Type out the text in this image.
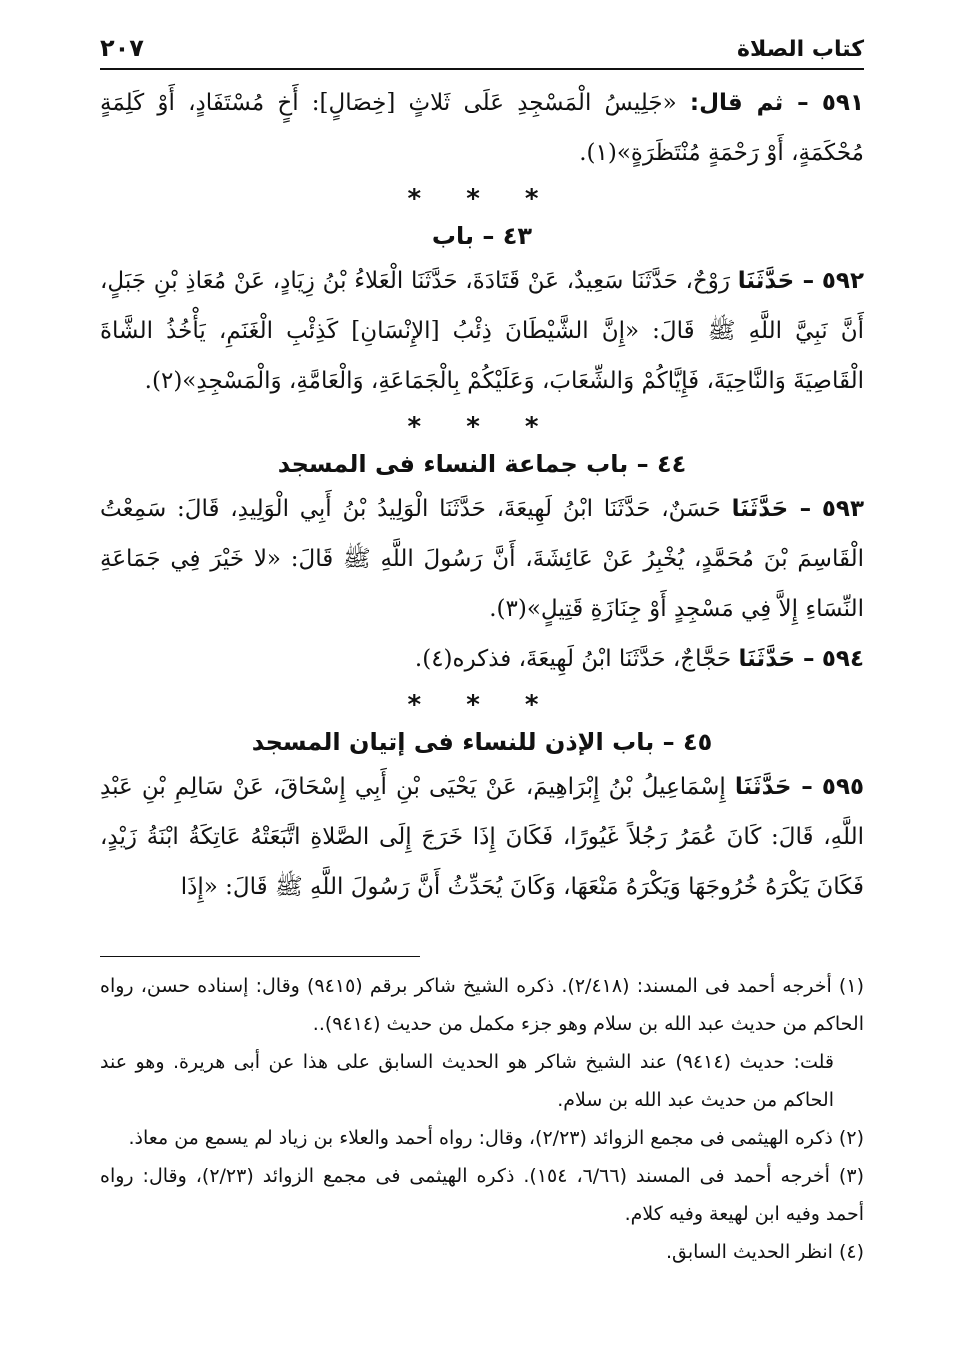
كتاب الصلاة
٢٠٧

٥٩١ – ثم قال: «جَلِيسُ الْمَسْجِدِ عَلَى ثَلاثٍ [خِصَالٍ]: أَخٍ مُسْتَفَادٍ، أَوْ كَلِمَةٍ مُحْكَمَةٍ، أَوْ رَحْمَةٍ مُنْتَظَرَةٍ»(١).

* * *
٤٣ – باب

٥٩٢ – حَدَّثَنَا رَوْحٌ، حَدَّثَنَا سَعِيدٌ، عَنْ قَتَادَةَ، حَدَّثَنَا الْعَلاءُ بْنُ زِيَادٍ، عَنْ مُعَاذِ بْنِ جَبَلٍ، أَنَّ نَبِيَّ اللَّهِ ﷺ قَالَ: «إِنَّ الشَّيْطَانَ ذِئْبُ [الإِنْسَانِ] كَذِئْبِ الْغَنَمِ، يَأْخُذُ الشَّاةَ الْقَاصِيَةَ وَالنَّاحِيَةَ، فَإِيَّاكُمْ وَالشِّعَابَ، وَعَلَيْكُمْ بِالْجَمَاعَةِ، وَالْعَامَّةِ، وَالْمَسْجِدِ»(٢).

* * *
٤٤ – باب جماعة النساء فى المسجد

٥٩٣ – حَدَّثَنَا حَسَنٌ، حَدَّثَنَا ابْنُ لَهِيعَةَ، حَدَّثَنَا الْوَلِيدُ بْنُ أَبِي الْوَلِيدِ، قَالَ: سَمِعْتُ الْقَاسِمَ بْنَ مُحَمَّدٍ، يُخْبِرُ عَنْ عَائِشَةَ، أَنَّ رَسُولَ اللَّهِ ﷺ قَالَ: «لا خَيْرَ فِي جَمَاعَةِ النِّسَاءِ إِلاَّ فِي مَسْجِدٍ أَوْ جِنَازَةِ قَتِيلٍ»(٣).

٥٩٤ – حَدَّثَنَا حَجَّاجٌ، حَدَّثَنَا ابْنُ لَهِيعَةَ، فذكره(٤).

* * *
٤٥ – باب الإذن للنساء فى إتيان المسجد

٥٩٥ – حَدَّثَنَا إِسْمَاعِيلُ بْنُ إِبْرَاهِيمَ، عَنْ يَحْيَى بْنِ أَبِي إِسْحَاقَ، عَنْ سَالِمِ بْنِ عَبْدِ اللَّهِ، قَالَ: كَانَ عُمَرُ رَجُلاً غَيُورًا، فَكَانَ إِذَا خَرَجَ إِلَى الصَّلاةِ اتَّبَعَتْهُ عَاتِكَةُ ابْنَةُ زَيْدٍ، فَكَانَ يَكْرَهُ خُرُوجَهَا وَيَكْرَهُ مَنْعَهَا، وَكَانَ يُحَدِّثُ أَنَّ رَسُولَ اللَّهِ ﷺ قَالَ: «إِذَا

(١) أخرجه أحمد فى المسند: (٢/٤١٨). ذكره الشيخ شاكر برقم (٩٤١٥) وقال: إسناده حسن، رواه الحاكم من حديث عبد الله بن سلام وهو جزء مكمل من حديث (٩٤١٤)..

قلت: حديث (٩٤١٤) عند الشيخ شاكر هو الحديث السابق على هذا عن أبى هريرة. وهو عند الحاكم من حديث عبد الله بن سلام.

(٢) ذكره الهيثمى فى مجمع الزوائد (٢/٢٣)، وقال: رواه أحمد والعلاء بن زياد لم يسمع من معاذ.

(٣) أخرجه أحمد فى المسند (٦/٦٦، ١٥٤). ذكره الهيثمى فى مجمع الزوائد (٢/٢٣)، وقال: رواه أحمد وفيه ابن لهيعة وفيه كلام.

(٤) انظر الحديث السابق.
